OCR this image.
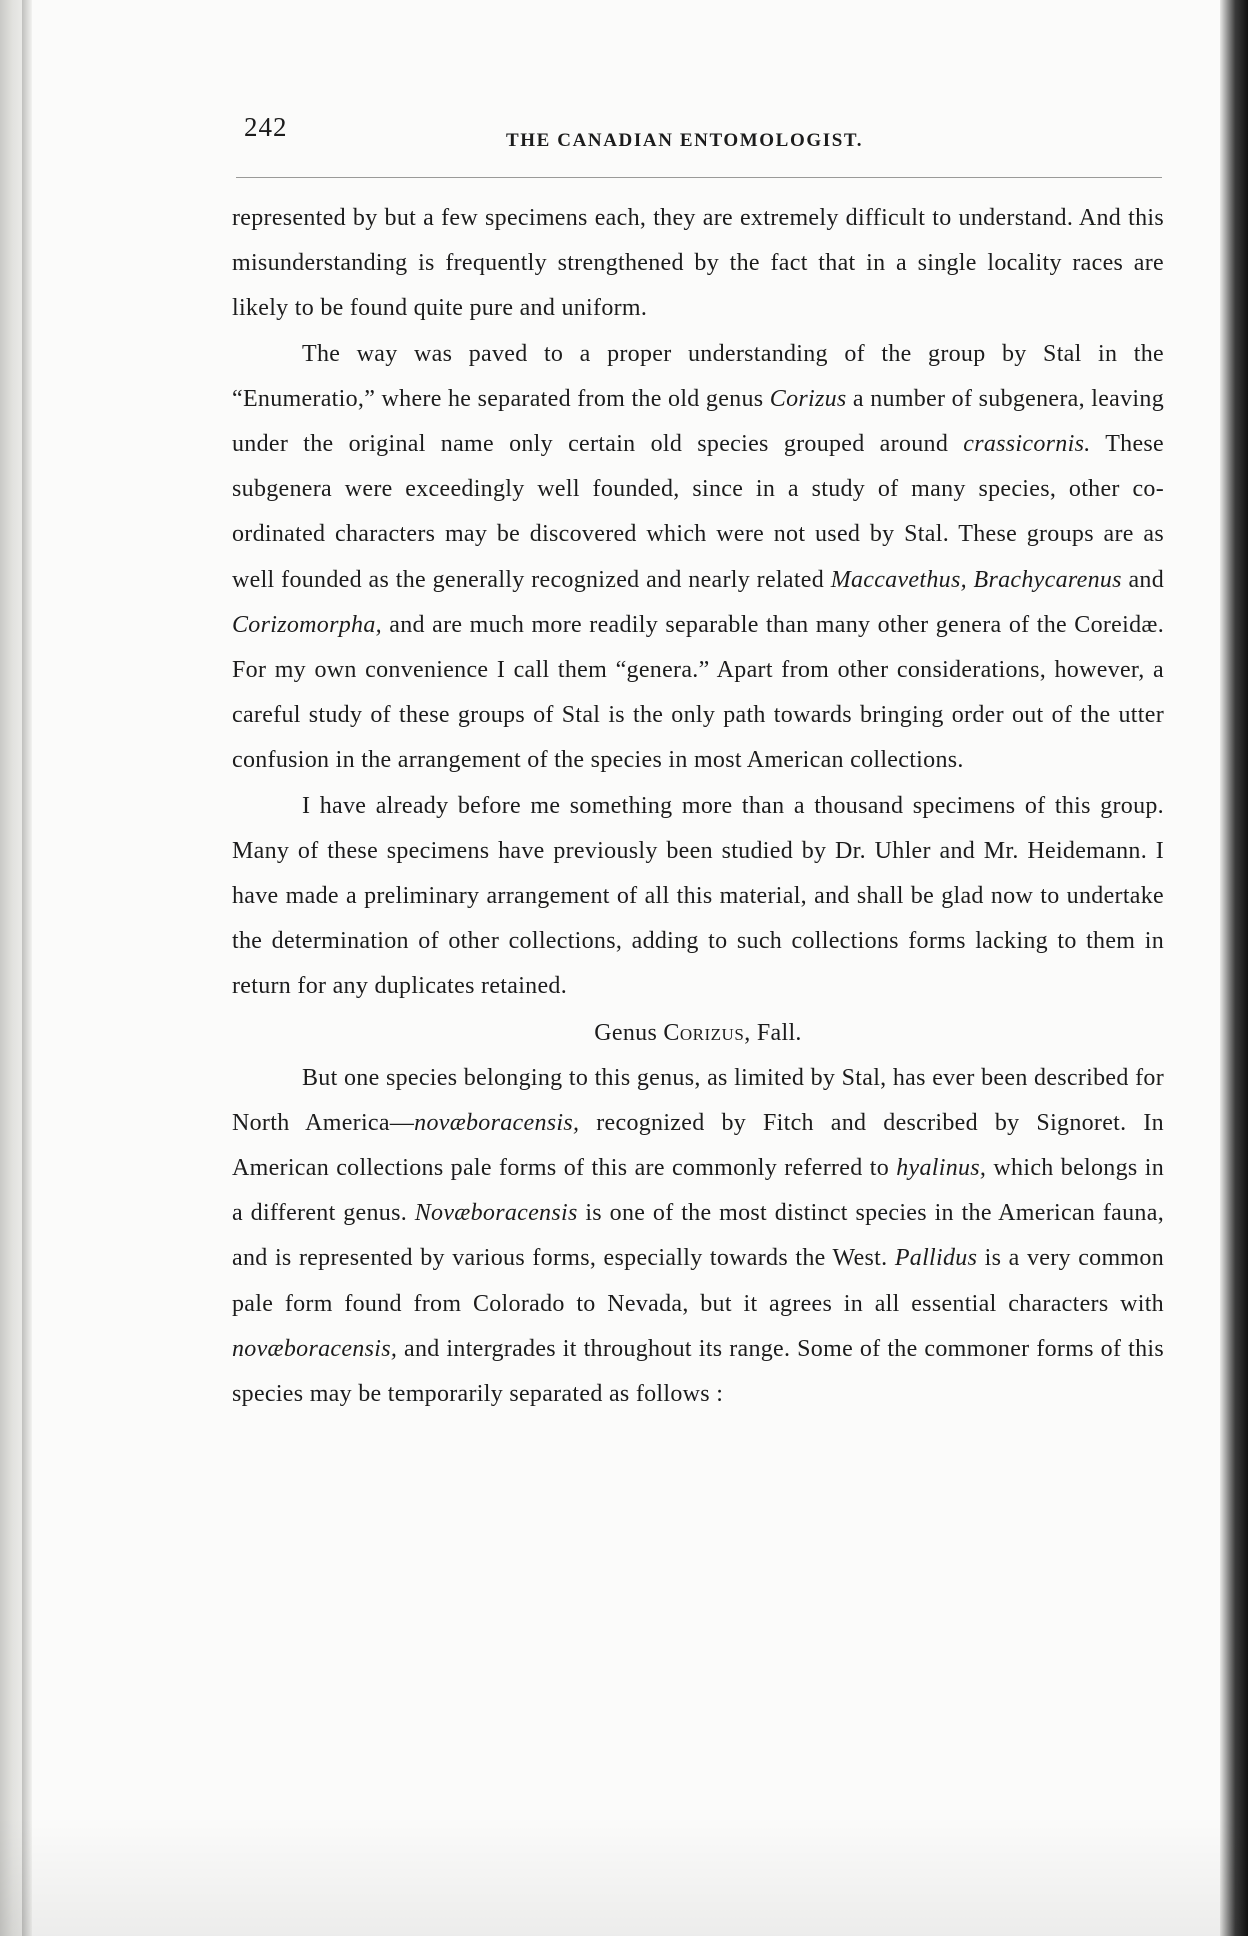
242	THE CANADIAN ENTOMOLOGIST.

represented by but a few specimens each, they are extremely difficult to understand. And this misunderstanding is frequently strengthened by the fact that in a single locality races are likely to be found quite pure and uniform.

The way was paved to a proper understanding of the group by Stal in the “Enumeratio,” where he separated from the old genus Corizus a number of subgenera, leaving under the original name only certain old species grouped around crassicornis. These subgenera were exceedingly well founded, since in a study of many species, other co-ordinated characters may be discovered which were not used by Stal. These groups are as well founded as the generally recognized and nearly related Maccavethus, Brachycarenus and Corizomorpha, and are much more readily separable than many other genera of the Coreidæ. For my own convenience I call them “genera.” Apart from other considerations, however, a careful study of these groups of Stal is the only path towards bringing order out of the utter confusion in the arrangement of the species in most American collections.

I have already before me something more than a thousand specimens of this group. Many of these specimens have previously been studied by Dr. Uhler and Mr. Heidemann. I have made a preliminary arrangement of all this material, and shall be glad now to undertake the determination of other collections, adding to such collections forms lacking to them in return for any duplicates retained.

Genus Corizus, Fall.

But one species belonging to this genus, as limited by Stal, has ever been described for North America—novæboracensis, recognized by Fitch and described by Signoret. In American collections pale forms of this are commonly referred to hyalinus, which belongs in a different genus. Novæboracensis is one of the most distinct species in the American fauna, and is represented by various forms, especially towards the West. Pallidus is a very common pale form found from Colorado to Nevada, but it agrees in all essential characters with novæboracensis, and intergrades it throughout its range. Some of the commoner forms of this species may be temporarily separated as follows :
